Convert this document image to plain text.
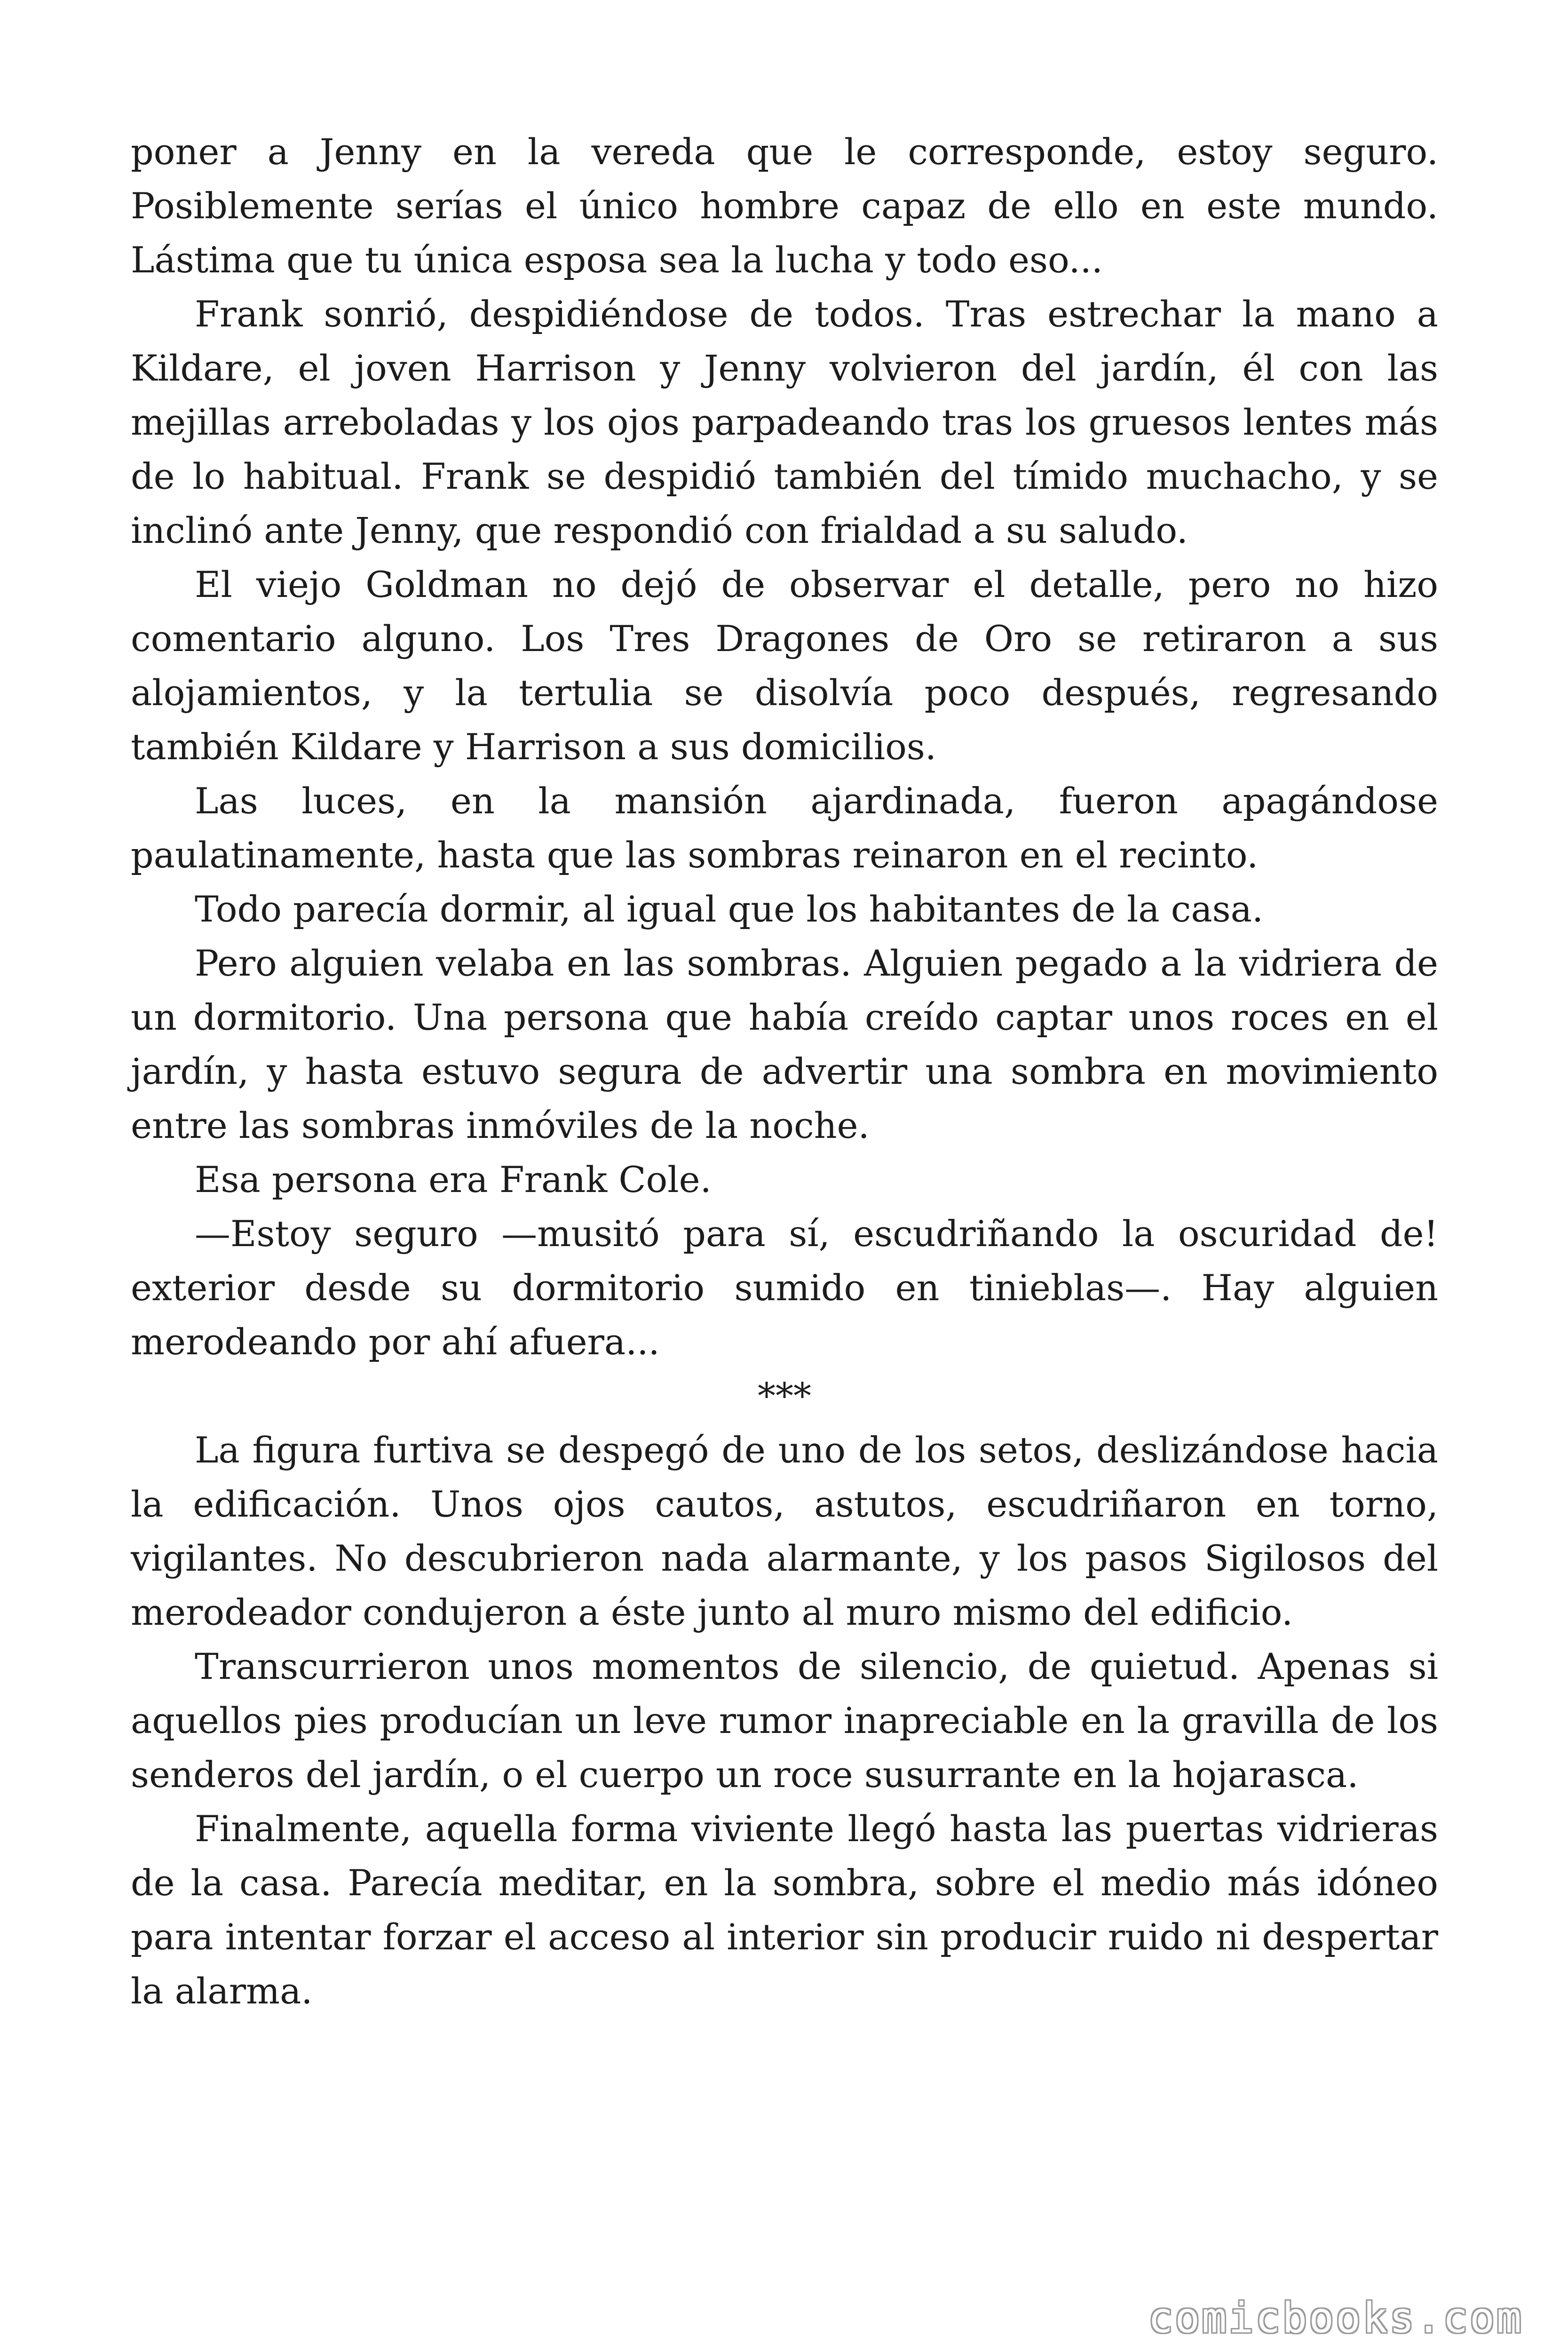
poner a Jenny en la vereda que le corresponde, estoy seguro. Posiblemente serías el único hombre capaz de ello en este mundo. Lástima que tu única esposa sea la lucha y todo eso...

Frank sonrió, despidiéndose de todos. Tras estrechar la mano a Kildare, el joven Harrison y Jenny volvieron del jardín, él con las mejillas arreboladas y los ojos parpadeando tras los gruesos lentes más de lo habitual. Frank se despidió también del tímido muchacho, y se inclinó ante Jenny, que respondió con frialdad a su saludo.

El viejo Goldman no dejó de observar el detalle, pero no hizo comentario alguno. Los Tres Dragones de Oro se retiraron a sus alojamientos, y la tertulia se disolvía poco después, regresando también Kildare y Harrison a sus domicilios.

Las luces, en la mansión ajardinada, fueron apagándose paulatinamente, hasta que las sombras reinaron en el recinto.

Todo parecía dormir, al igual que los habitantes de la casa.

Pero alguien velaba en las sombras. Alguien pegado a la vidriera de un dormitorio. Una persona que había creído captar unos roces en el jardín, y hasta estuvo segura de advertir una sombra en movimiento entre las sombras inmóviles de la noche.

Esa persona era Frank Cole.

—Estoy seguro —musitó para sí, escudriñando la oscuridad de! exterior desde su dormitorio sumido en tinieblas—. Hay alguien merodeando por ahí afuera...

***

La figura furtiva se despegó de uno de los setos, deslizándose hacia la edificación. Unos ojos cautos, astutos, escudriñaron en torno, vigilantes. No descubrieron nada alarmante, y los pasos Sigilosos del merodeador condujeron a éste junto al muro mismo del edificio.

Transcurrieron unos momentos de silencio, de quietud. Apenas si aquellos pies producían un leve rumor inapreciable en la gravilla de los senderos del jardín, o el cuerpo un roce susurrante en la hojarasca.

Finalmente, aquella forma viviente llegó hasta las puertas vidrieras de la casa. Parecía meditar, en la sombra, sobre el medio más idóneo para intentar forzar el acceso al interior sin producir ruido ni despertar la alarma.

comicbooks.com
